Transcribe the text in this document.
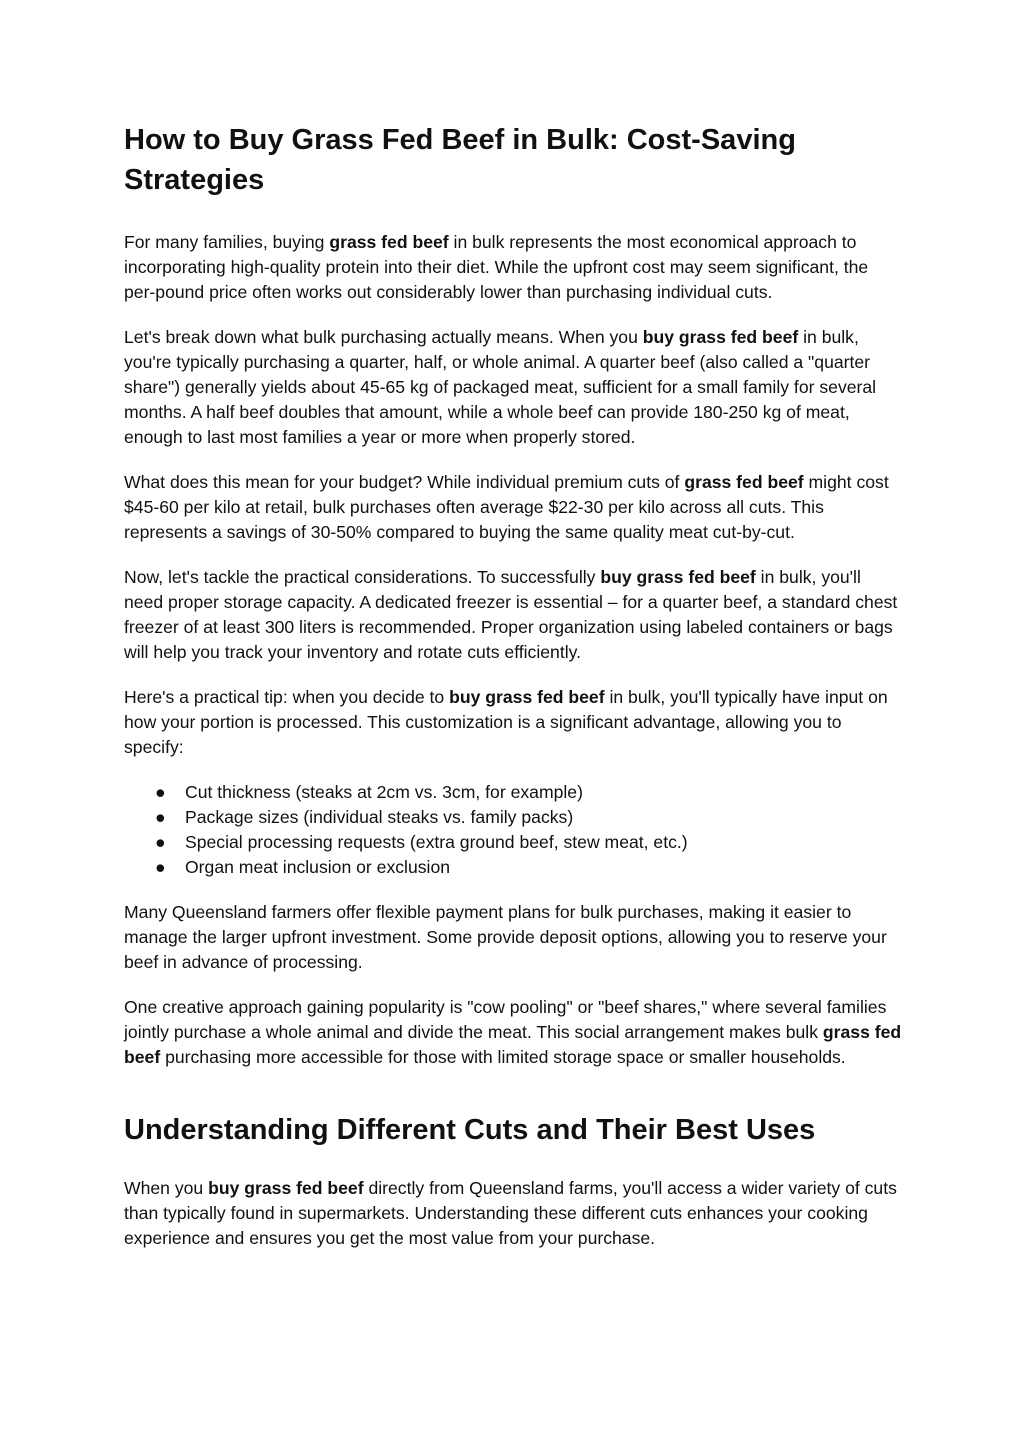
How to Buy Grass Fed Beef in Bulk: Cost-Saving Strategies

For many families, buying grass fed beef in bulk represents the most economical approach to incorporating high-quality protein into their diet. While the upfront cost may seem significant, the per-pound price often works out considerably lower than purchasing individual cuts.

Let's break down what bulk purchasing actually means. When you buy grass fed beef in bulk, you're typically purchasing a quarter, half, or whole animal. A quarter beef (also called a "quarter share") generally yields about 45-65 kg of packaged meat, sufficient for a small family for several months. A half beef doubles that amount, while a whole beef can provide 180-250 kg of meat, enough to last most families a year or more when properly stored.

What does this mean for your budget? While individual premium cuts of grass fed beef might cost $45-60 per kilo at retail, bulk purchases often average $22-30 per kilo across all cuts. This represents a savings of 30-50% compared to buying the same quality meat cut-by-cut.

Now, let's tackle the practical considerations. To successfully buy grass fed beef in bulk, you'll need proper storage capacity. A dedicated freezer is essential – for a quarter beef, a standard chest freezer of at least 300 liters is recommended. Proper organization using labeled containers or bags will help you track your inventory and rotate cuts efficiently.

Here's a practical tip: when you decide to buy grass fed beef in bulk, you'll typically have input on how your portion is processed. This customization is a significant advantage, allowing you to specify:

● Cut thickness (steaks at 2cm vs. 3cm, for example)
● Package sizes (individual steaks vs. family packs)
● Special processing requests (extra ground beef, stew meat, etc.)
● Organ meat inclusion or exclusion

Many Queensland farmers offer flexible payment plans for bulk purchases, making it easier to manage the larger upfront investment. Some provide deposit options, allowing you to reserve your beef in advance of processing.

One creative approach gaining popularity is "cow pooling" or "beef shares," where several families jointly purchase a whole animal and divide the meat. This social arrangement makes bulk grass fed beef purchasing more accessible for those with limited storage space or smaller households.

Understanding Different Cuts and Their Best Uses

When you buy grass fed beef directly from Queensland farms, you'll access a wider variety of cuts than typically found in supermarkets. Understanding these different cuts enhances your cooking experience and ensures you get the most value from your purchase.
